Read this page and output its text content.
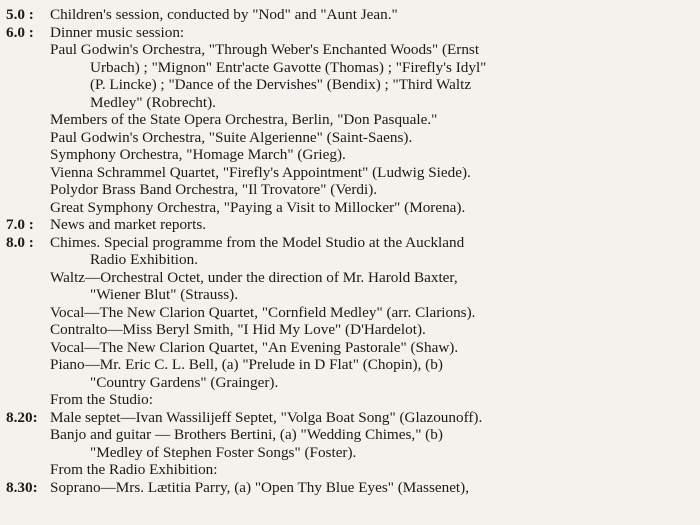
5.0 :	Children's session, conducted by "Nod" and "Aunt Jean."
6.0 :	Dinner music session:
Paul Godwin's Orchestra, "Through Weber's Enchanted Woods" (Ernst
Urbach) ; "Mignon" Entr'acte Gavotte (Thomas) ; "Firefly's Idyl"
(P. Lincke) ; "Dance of the Dervishes" (Bendix) ; "Third Waltz
Medley" (Robrecht).
Members of the State Opera Orchestra, Berlin, "Don Pasquale."
Paul Godwin's Orchestra, "Suite Algerienne" (Saint-Saens).
Symphony Orchestra, "Homage March" (Grieg).
Vienna Schrammel Quartet, "Firefly's Appointment" (Ludwig Siede).
Polydor Brass Band Orchestra, "Il Trovatore" (Verdi).
Great Symphony Orchestra, "Paying a Visit to Millocker" (Morena).
7.0 :	News and market reports.
8.0 :	Chimes. Special programme from the Model Studio at the Auckland
Radio Exhibition.
Waltz—Orchestral Octet, under the direction of Mr. Harold Baxter,
"Wiener Blut" (Strauss).
Vocal—The New Clarion Quartet, "Cornfield Medley" (arr. Clarions).
Contralto—Miss Beryl Smith, "I Hid My Love" (D'Hardelot).
Vocal—The New Clarion Quartet, "An Evening Pastorale" (Shaw).
Piano—Mr. Eric C. L. Bell, (a) "Prelude in D Flat" (Chopin), (b)
"Country Gardens" (Grainger).
From the Studio:
8.20: Male septet—Ivan Wassilijeff Septet, "Volga Boat Song" (Glazounoff).
Banjo and guitar — Brothers Bertini, (a) "Wedding Chimes," (b)
"Medley of Stephen Foster Songs" (Foster).
From the Radio Exhibition:
8.30: Soprano—Mrs. Lætitia Parry, (a) "Open Thy Blue Eyes" (Massenet),
